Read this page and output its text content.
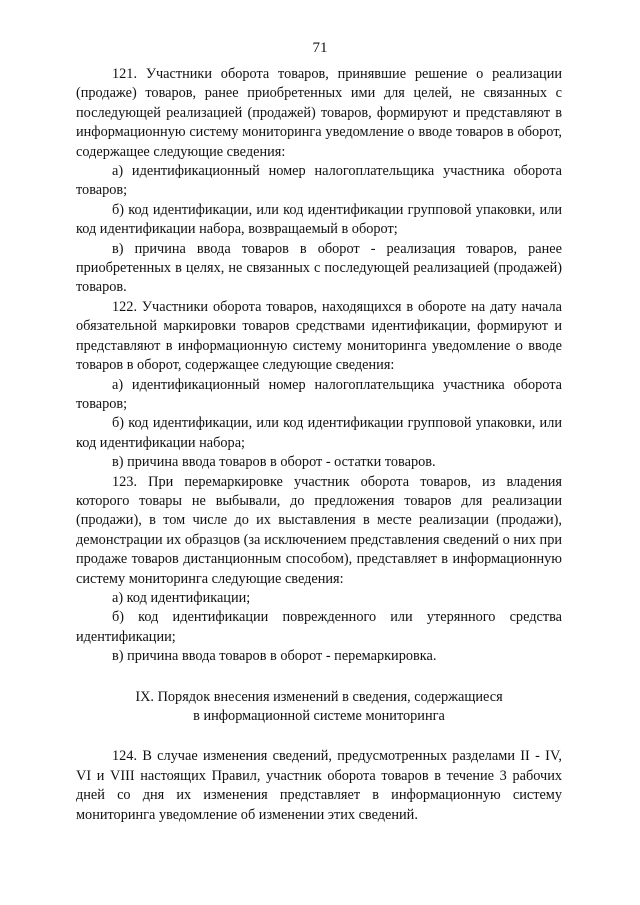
71

121. Участники оборота товаров, принявшие решение о реализации (продаже) товаров, ранее приобретенных ими для целей, не связанных с последующей реализацией (продажей) товаров, формируют и представляют в информационную систему мониторинга уведомление о вводе товаров в оборот, содержащее следующие сведения:

а) идентификационный номер налогоплательщика участника оборота товаров;

б) код идентификации, или код идентификации групповой упаковки, или код идентификации набора, возвращаемый в оборот;

в) причина ввода товаров в оборот - реализация товаров, ранее приобретенных в целях, не связанных с последующей реализацией (продажей) товаров.

122. Участники оборота товаров, находящихся в обороте на дату начала обязательной маркировки товаров средствами идентификации, формируют и представляют в информационную систему мониторинга уведомление о вводе товаров в оборот, содержащее следующие сведения:

а) идентификационный номер налогоплательщика участника оборота товаров;

б) код идентификации, или код идентификации групповой упаковки, или код идентификации набора;

в) причина ввода товаров в оборот - остатки товаров.

123. При перемаркировке участник оборота товаров, из владения которого товары не выбывали, до предложения товаров для реализации (продажи), в том числе до их выставления в месте реализации (продажи), демонстрации их образцов (за исключением представления сведений о них при продаже товаров дистанционным способом), представляет в информационную систему мониторинга следующие сведения:

а) код идентификации;

б) код идентификации поврежденного или утерянного средства идентификации;

в) причина ввода товаров в оборот - перемаркировка.

IX. Порядок внесения изменений в сведения, содержащиеся
в информационной системе мониторинга

124. В случае изменения сведений, предусмотренных разделами II - IV, VI и VIII настоящих Правил, участник оборота товаров в течение 3 рабочих дней со дня их изменения представляет в информационную систему мониторинга уведомление об изменении этих сведений.
